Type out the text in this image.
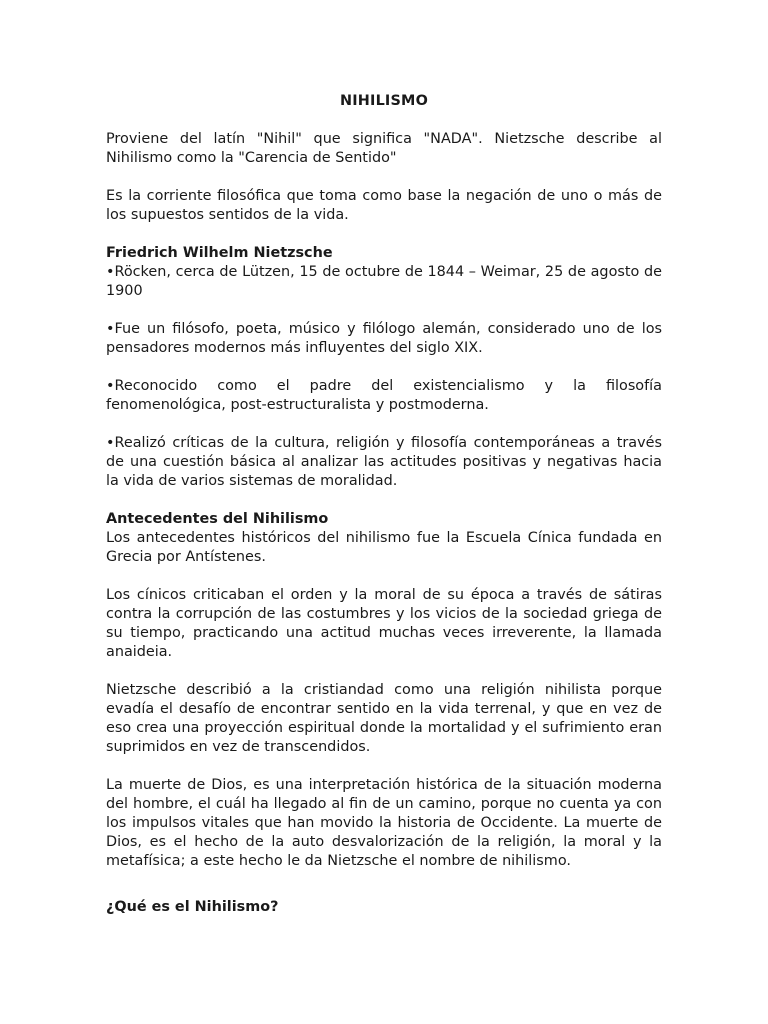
NIHILISMO

Proviene del latín "Nihil" que significa "NADA". Nietzsche describe al Nihilismo como la "Carencia de Sentido"

Es la corriente filosófica que toma como base la negación de uno o más de los supuestos sentidos de la vida.

Friedrich Wilhelm Nietzsche

•Röcken, cerca de Lützen, 15 de octubre de 1844 – Weimar, 25 de agosto de 1900

•Fue un filósofo, poeta, músico y filólogo alemán, considerado uno de los pensadores modernos más influyentes del siglo XIX.

•Reconocido como el padre del existencialismo y la filosofía fenomenológica, post-estructuralista y postmoderna.

•Realizó críticas de la cultura, religión y filosofía contemporáneas a través de una cuestión básica al analizar las actitudes positivas y negativas hacia la vida de varios sistemas de moralidad.

Antecedentes del Nihilismo

Los antecedentes históricos del nihilismo fue la Escuela Cínica fundada en Grecia por Antístenes.

Los cínicos criticaban el orden y la moral de su época a través de sátiras contra la corrupción de las costumbres y los vicios de la sociedad griega de su tiempo, practicando una actitud muchas veces irreverente, la llamada anaideia.

Nietzsche describió a la cristiandad como una religión nihilista porque evadía el desafío de encontrar sentido en la vida terrenal, y que en vez de eso crea una proyección espiritual donde la mortalidad y el sufrimiento eran suprimidos en vez de transcendidos.

La muerte de Dios, es una interpretación histórica de la situación moderna del hombre, el cuál ha llegado al fin de un camino, porque no cuenta ya con los impulsos vitales que han movido la historia de Occidente. La muerte de Dios, es el hecho de la auto desvalorización de la religión, la moral y la metafísica; a este hecho le da Nietzsche el nombre de nihilismo.

¿Qué es el Nihilismo?
